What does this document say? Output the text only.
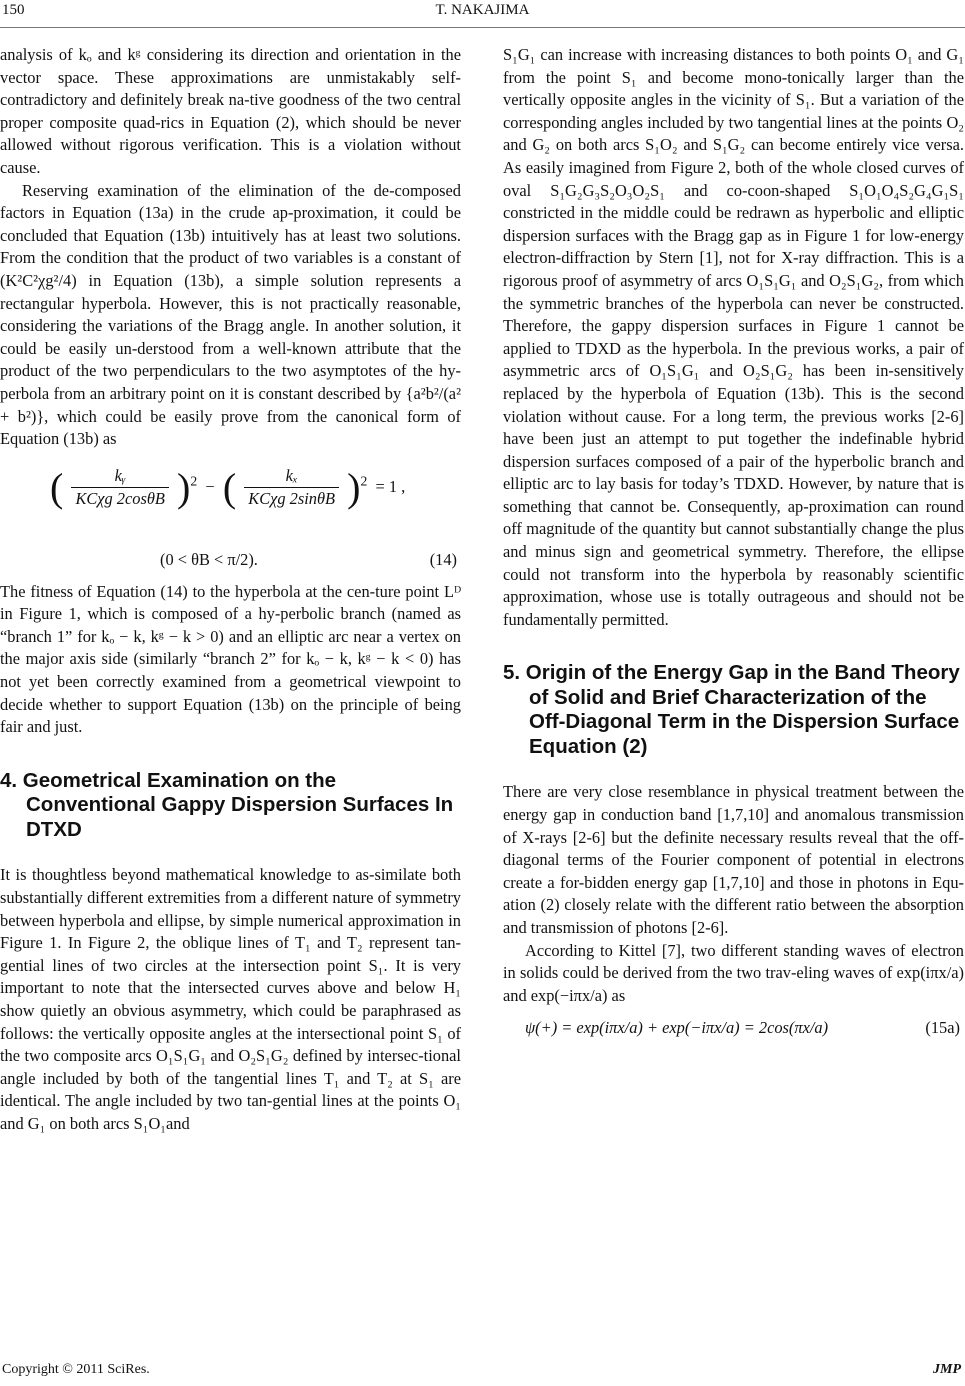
150	T. NAKAJIMA

analysis of kₒ and kᵍ considering its direction and orientation in the vector space. These approximations are unmistakably self-contradictory and definitely break na-tive goodness of the two central proper composite quad-rics in Equation (2), which should be never allowed without rigorous verification. This is a violation without cause.

Reserving examination of the elimination of the de-composed factors in Equation (13a) in the crude ap-proximation, it could be concluded that Equation (13b) intuitively has at least two solutions. From the condition that the product of two variables is a constant of (K²C²χg²/4) in Equation (13b), a simple solution represents a rectangular hyperbola. However, this is not practically reasonable, considering the variations of the Bragg angle. In another solution, it could be easily un-derstood from a well-known attribute that the product of the two perpendiculars to the two asymptotes of the hy-perbola from an arbitrary point on it is constant described by {a²b²/(a² + b²)}, which could be easily prove from the canonical form of Equation (13b) as

( $\frac{\text{kᵧ}}{\text{KCχg 2cosθB}} )^2$  −  ( $\frac{\text{kₓ}}{\text{KCχg 2sinθB}} )^2 = 1$ ,
(0 < θB < π/2).	(14)

The fitness of Equation (14) to the hyperbola at the cen-ture point Lᴰ in Figure 1, which is composed of a hy-perbolic branch (named as “branch 1” for kₒ − k, kᵍ − k > 0) and an elliptic arc near a vertex on the major axis side (similarly “branch 2” for kₒ − k, kᵍ − k < 0) has not yet been correctly examined from a geometrical viewpoint to decide whether to support Equation (13b) on the principle of being fair and just.

4. Geometrical Examination on the Conventional Gappy Dispersion Surfaces In DTXD

It is thoughtless beyond mathematical knowledge to as-similate both substantially different extremities from a different nature of symmetry between hyperbola and ellipse, by simple numerical approximation in Figure 1. In Figure 2, the oblique lines of T₁ and T₂ represent tan-gential lines of two circles at the intersection point S₁. It is very important to note that the intersected curves above and below H₁ show quietly an obvious asymmetry, which could be paraphrased as follows: the vertically opposite angles at the intersectional point S₁ of the two composite arcs O₁S₁G₁ and O₂S₁G₂ defined by intersec-tional angle included by both of the tangential lines T₁ and T₂ at S₁ are identical. The angle included by two tan-gential lines at the points O₁ and G₁ on both arcs S₁O₁and

S₁G₁ can increase with increasing distances to both points O₁ and G₁ from the point S₁ and become mono-tonically larger than the vertically opposite angles in the vicinity of S₁. But a variation of the corresponding angles included by two tangential lines at the points O₂ and G₂ on both arcs S₁O₂ and S₁G₂ can become entirely vice versa. As easily imagined from Figure 2, both of the whole closed curves of oval S₁G₂G₃S₂O₃O₂S₁ and co-coon-shaped S₁O₁O₄S₂G₄G₁S₁ constricted in the middle could be redrawn as hyperbolic and elliptic dispersion surfaces with the Bragg gap as in Figure 1 for low-energy electron-diffraction by Stern [1], not for X-ray diffraction. This is a rigorous proof of asymmetry of arcs O₁S₁G₁ and O₂S₁G₂, from which the symmetric branches of the hyperbola can never be constructed. Therefore, the gappy dispersion surfaces in Figure 1 cannot be applied to TDXD as the hyperbola. In the previous works, a pair of asymmetric arcs of O₁S₁G₁ and O₂S₁G₂ has been in-sensitively replaced by the hyperbola of Equation (13b). This is the second violation without cause. For a long term, the previous works [2-6] have been just an attempt to put together the indefinable hybrid dispersion surfaces composed of a pair of the hyperbolic branch and elliptic arc to lay basis for today’s TDXD. However, by nature that is something that cannot be. Consequently, ap-proximation can round off magnitude of the quantity but cannot substantially change the plus and minus sign and geometrical symmetry. Therefore, the ellipse could not transform into the hyperbola by reasonably scientific approximation, whose use is totally outrageous and should not be fundamentally permitted.

5. Origin of the Energy Gap in the Band Theory of Solid and Brief Characterization of the Off-Diagonal Term in the Dispersion Surface Equation (2)

There are very close resemblance in physical treatment between the energy gap in conduction band [1,7,10] and anomalous transmission of X-rays [2-6] but the definite necessary results reveal that the off-diagonal terms of the Fourier component of potential in electrons create a for-bidden energy gap [1,7,10] and those in photons in Equ-ation (2) closely relate with the different ratio between the absorption and transmission of photons [2-6].

According to Kittel [7], two different standing waves of electron in solids could be derived from the two trav-eling waves of exp(iπx/a) and exp(−iπx/a) as

ψ(+) = exp(iπx/a) + exp(−iπx/a) = 2cos(πx/a)	(15a)
Copyright © 2011 SciRes.	JMP
